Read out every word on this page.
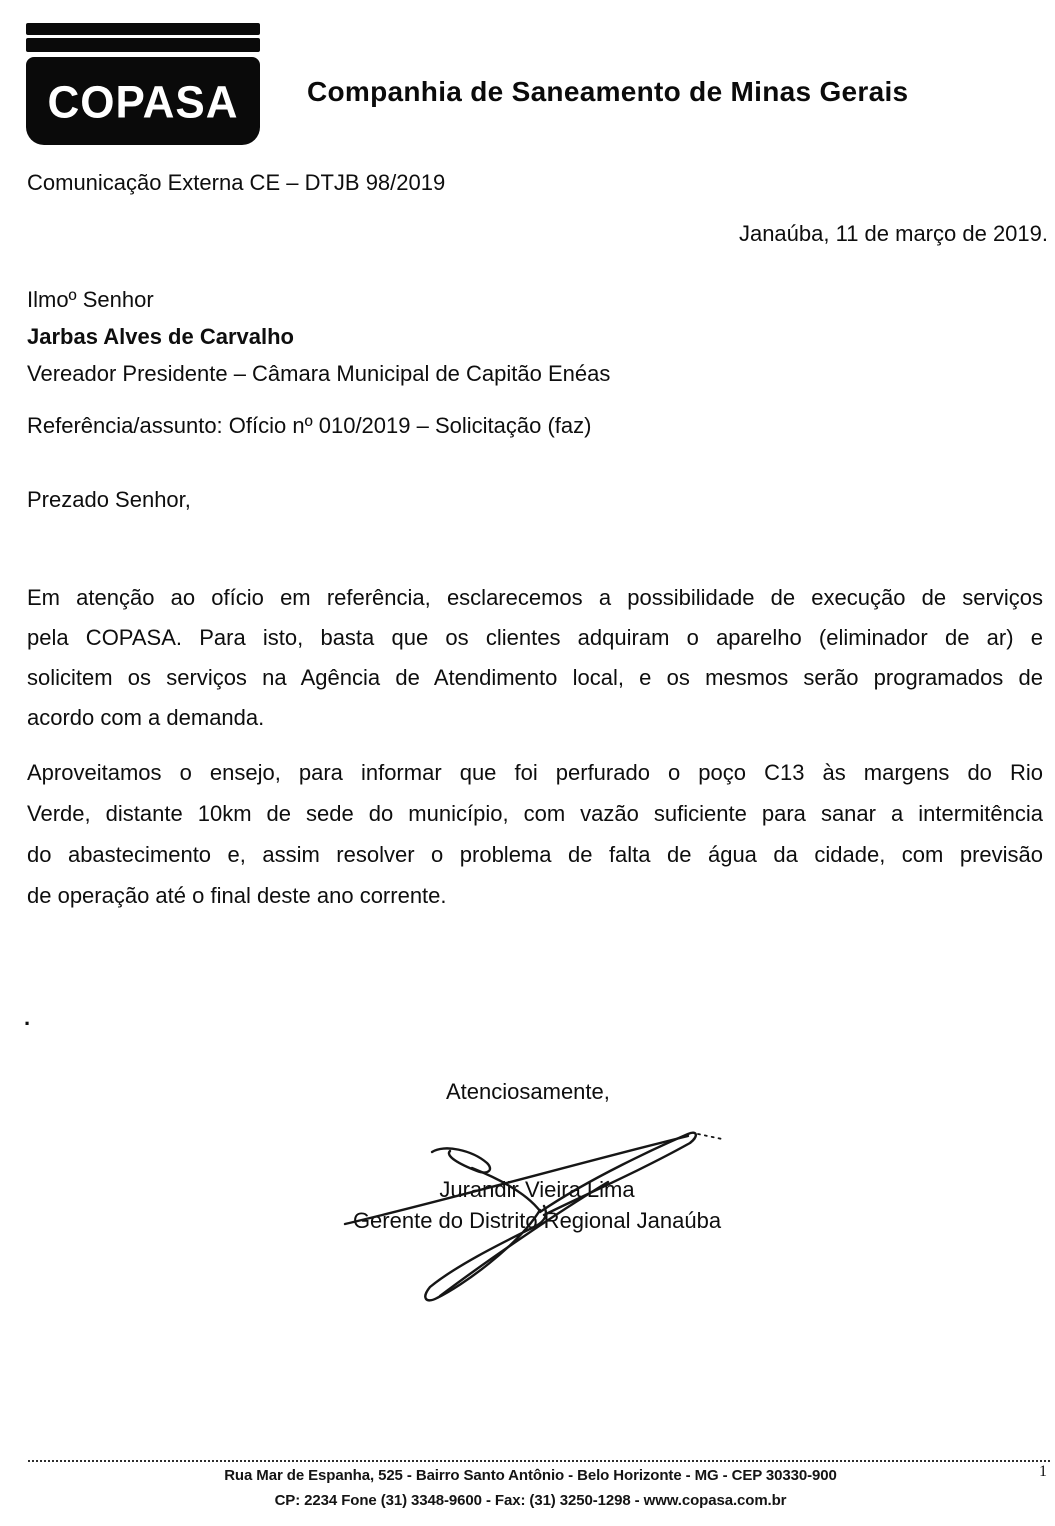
COPASA Companhia de Saneamento de Minas Gerais
Comunicação Externa CE – DTJB 98/2019
Janaúba, 11 de março de 2019.
Ilmoº Senhor
Jarbas Alves de Carvalho
Vereador Presidente – Câmara Municipal de Capitão Enéas
Referência/assunto: Ofício nº 010/2019 – Solicitação (faz)
Prezado Senhor,
Em atenção ao ofício em referência, esclarecemos a possibilidade de execução de serviços
pela COPASA. Para isto, basta que os clientes adquiram o aparelho (eliminador de ar) e
solicitem os serviços na Agência de Atendimento local, e os mesmos serão programados de
acordo com a demanda.
Aproveitamos o ensejo, para informar que foi perfurado o poço C13 às margens do Rio
Verde, distante 10km de sede do município, com vazão suficiente para sanar a intermitência
do abastecimento e, assim resolver o problema de falta de água da cidade, com previsão
de operação até o final deste ano corrente.
.
Atenciosamente,
Jurandir Vieira Lima
Gerente do Distrito Regional Janaúba
Rua Mar de Espanha, 525 - Bairro Santo Antônio - Belo Horizonte - MG - CEP 30330-900
CP: 2234 Fone (31) 3348-9600 - Fax: (31) 3250-1298 - www.copasa.com.br
1
